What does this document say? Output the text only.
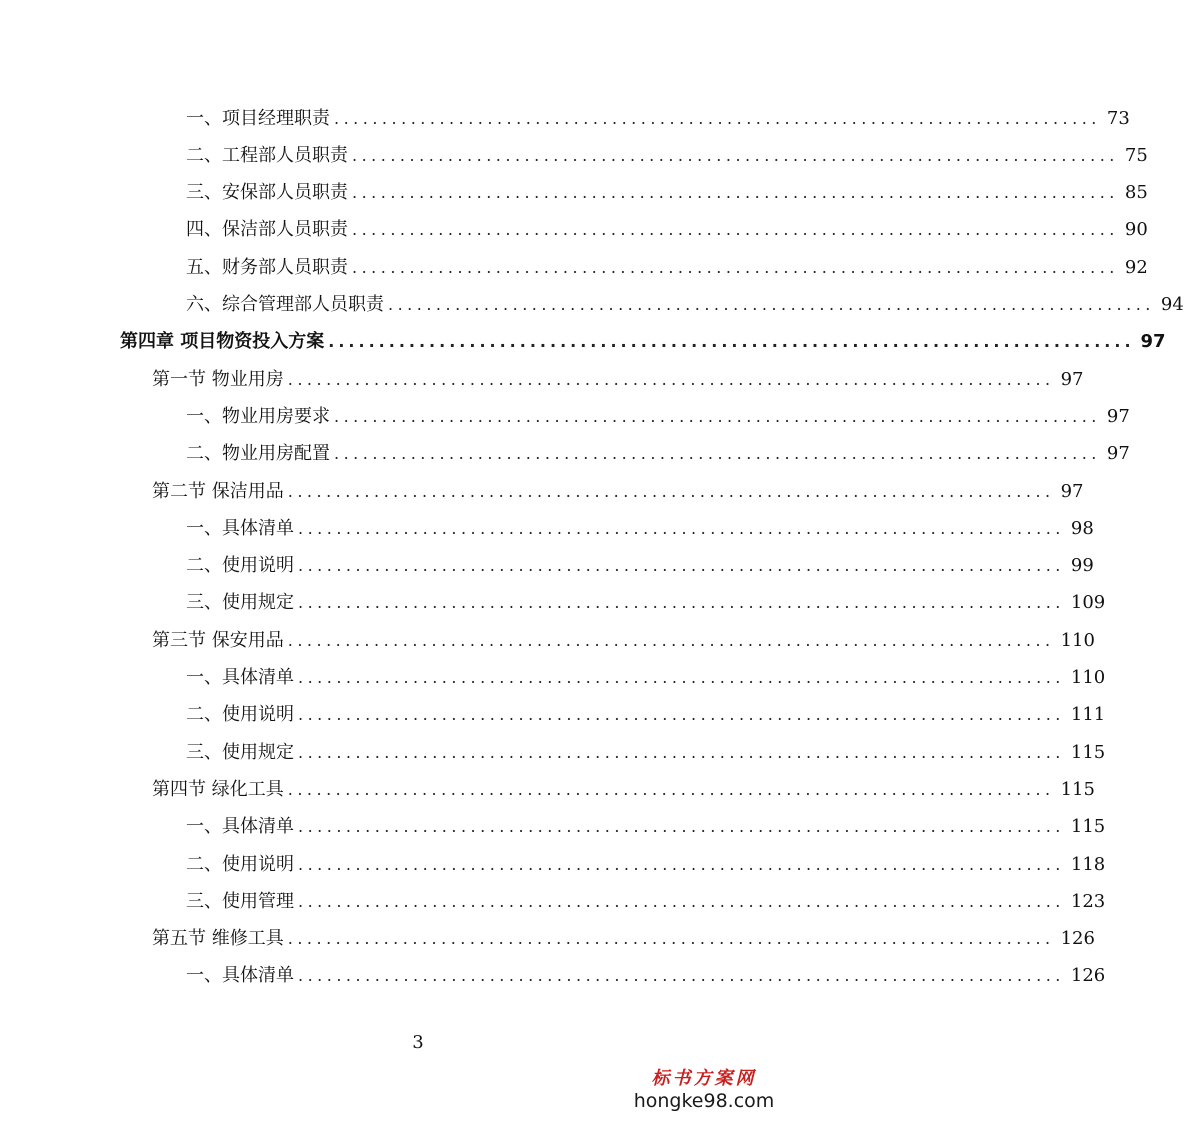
一、项目经理职责 ................................................................................ 73
二、工程部人员职责 ................................................................................ 75
三、安保部人员职责 ................................................................................ 85
四、保洁部人员职责 ................................................................................ 90
五、财务部人员职责 ................................................................................ 92
六、综合管理部人员职责 ................................................................................ 94
第四章 项目物资投入方案 ................................................................................ 97
第一节 物业用房 ................................................................................ 97
一、物业用房要求 ................................................................................ 97
二、物业用房配置 ................................................................................ 97
第二节 保洁用品 ................................................................................ 97
一、具体清单 ................................................................................ 98
二、使用说明 ................................................................................ 99
三、使用规定 ................................................................................ 109
第三节 保安用品 ................................................................................ 110
一、具体清单 ................................................................................ 110
二、使用说明 ................................................................................ 111
三、使用规定 ................................................................................ 115
第四节 绿化工具 ................................................................................ 115
一、具体清单 ................................................................................ 115
二、使用说明 ................................................................................ 118
三、使用管理 ................................................................................ 123
第五节 维修工具 ................................................................................ 126
一、具体清单 ................................................................................ 126
3
标书方案网
hongke98.com
